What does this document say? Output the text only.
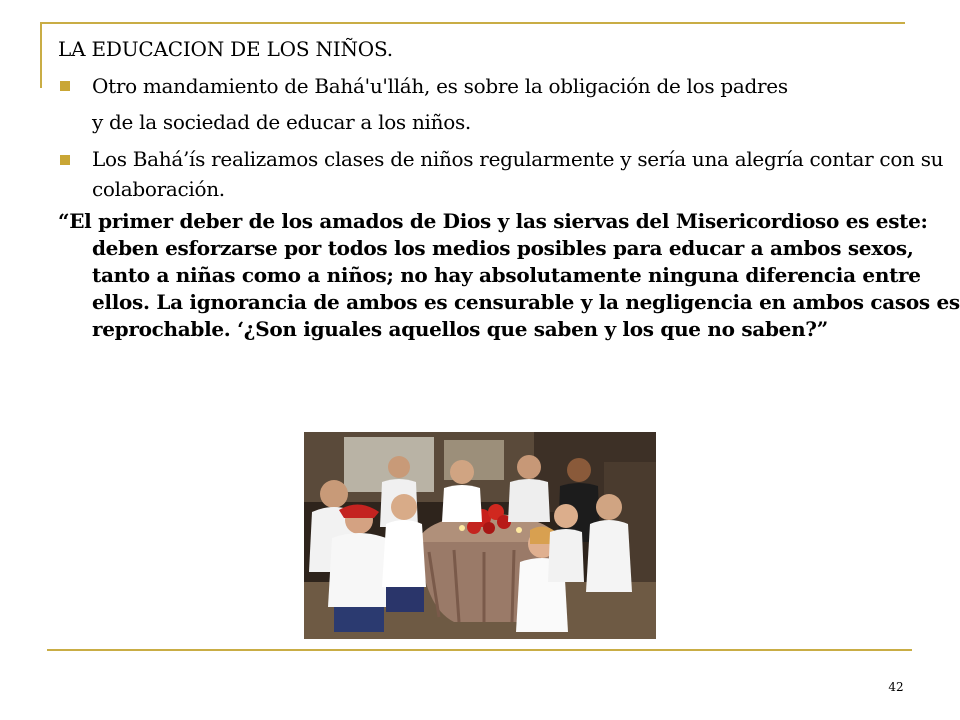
LA EDUCACION DE LOS NIÑOS.
Otro mandamiento de Bahá'u'lláh, es sobre la obligación de los padres
y de la sociedad de educar a los niños.
Los Bahá’ís realizamos clases de niños regularmente y sería una alegría contar con su colaboración.
“El primer deber de los amados de Dios y las siervas del Misericordioso es este: deben esforzarse por todos los medios posibles para educar a ambos sexos, tanto a niñas como a niños; no hay absolutamente ninguna diferencia entre ellos. La ignorancia de ambos es censurable y la negligencia en ambos casos es reprochable. ‘¿Son iguales aquellos que saben y los que no saben?”
42
